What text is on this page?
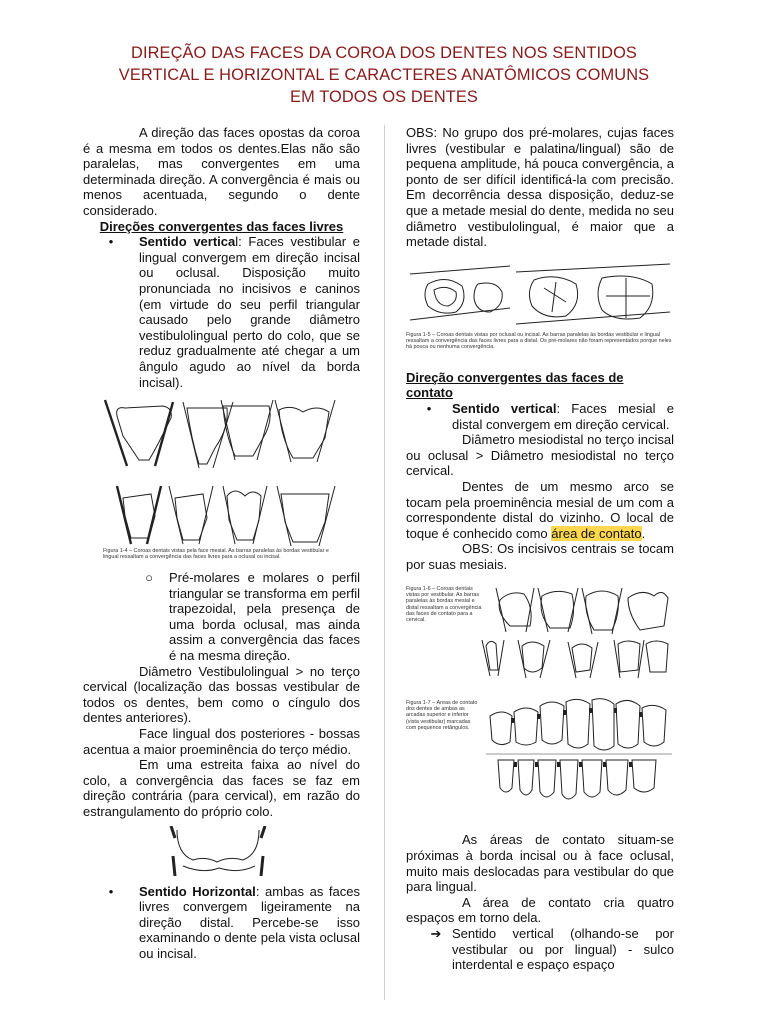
DIREÇÃO DAS FACES DA COROA DOS DENTES NOS SENTIDOS
VERTICAL E HORIZONTAL E CARACTERES ANATÔMICOS COMUNS
EM TODOS OS DENTES

A direção das faces opostas da coroa é a mesma em todos os dentes.Elas não são paralelas, mas convergentes em uma determinada direção. A convergência é mais ou menos acentuada, segundo o dente considerado.

Direções convergentes das faces livres

•	Sentido vertical: Faces vestibular e lingual convergem em direção incisal ou oclusal. Disposição muito pronunciada no incisivos e caninos (em virtude do seu perfil triangular causado pelo grande diâmetro vestibulolingual perto do colo, que se reduz gradualmente até chegar a um ângulo agudo ao nível da borda incisal).
Figura 1-4 – Coroas dentais vistas pela face mesial. As barras paralelas às bordas vestibular e lingual ressaltam a convergência das faces livres para a oclusal ou incisal.
○	Pré-molares e molares o perfil triangular se transforma em perfil trapezoidal, pela presença de uma borda oclusal, mas ainda assim a convergência das faces é na mesma direção.

Diâmetro Vestibulolingual > no terço cervical (localização das bossas vestibular de todos os dentes, bem como o cíngulo dos dentes anteriores).

Face lingual dos posteriores - bossas acentua a maior proeminência do terço médio.

Em uma estreita faixa ao nível do colo, a convergência das faces se faz em direção contrária (para cervical), em razão do estrangulamento do próprio colo.

•	Sentido Horizontal: ambas as faces livres convergem ligeiramente na direção distal. Percebe-se isso examinando o dente pela vista oclusal ou incisal.

OBS: No grupo dos pré-molares, cujas faces livres (vestibular e palatina/lingual) são de pequena amplitude, há pouca convergência, a ponto de ser difícil identificá-la com precisão. Em decorrência dessa disposição, deduz-se que a metade mesial do dente, medida no seu diâmetro vestibulolingual, é maior que a metade distal.

Figura 1-5 – Coroas dentais vistas por oclusal ou incisal. As barras paralelas às bordas vestibular e lingual ressaltam a convergência das faces livres para a distal. Os pré-molares não foram representados porque neles há pouca ou nenhuma convergência.

Direção convergentes das faces de contato

•	Sentido vertical: Faces mesial e distal convergem em direção cervical.

Diâmetro mesiodistal no terço incisal ou oclusal > Diâmetro mesiodistal no terço cervical.

Dentes de um mesmo arco se tocam pela proeminência mesial de um com a correspondente distal do vizinho. O local de toque é conhecido como área de contato.

OBS: Os incisivos centrais se tocam por suas mesiais.

Figura 1-6 – Coroas dentais vistas por vestibular. As barras paralelas às bordas mesial e distal ressaltam a convergência das faces de contato para a cervical.
Figura 1-7 – Áreas de contato dos dentes de ambas as arcadas superior e inferior (vista vestibular) marcadas com pequenos retângulos.

As áreas de contato situam-se próximas à borda incisal ou à face oclusal, muito mais deslocadas para vestibular do que para lingual.

A área de contato cria quatro espaços em torno dela.

➔ Sentido vertical (olhando-se por vestibular ou por lingual) - sulco interdental e espaço espaço
